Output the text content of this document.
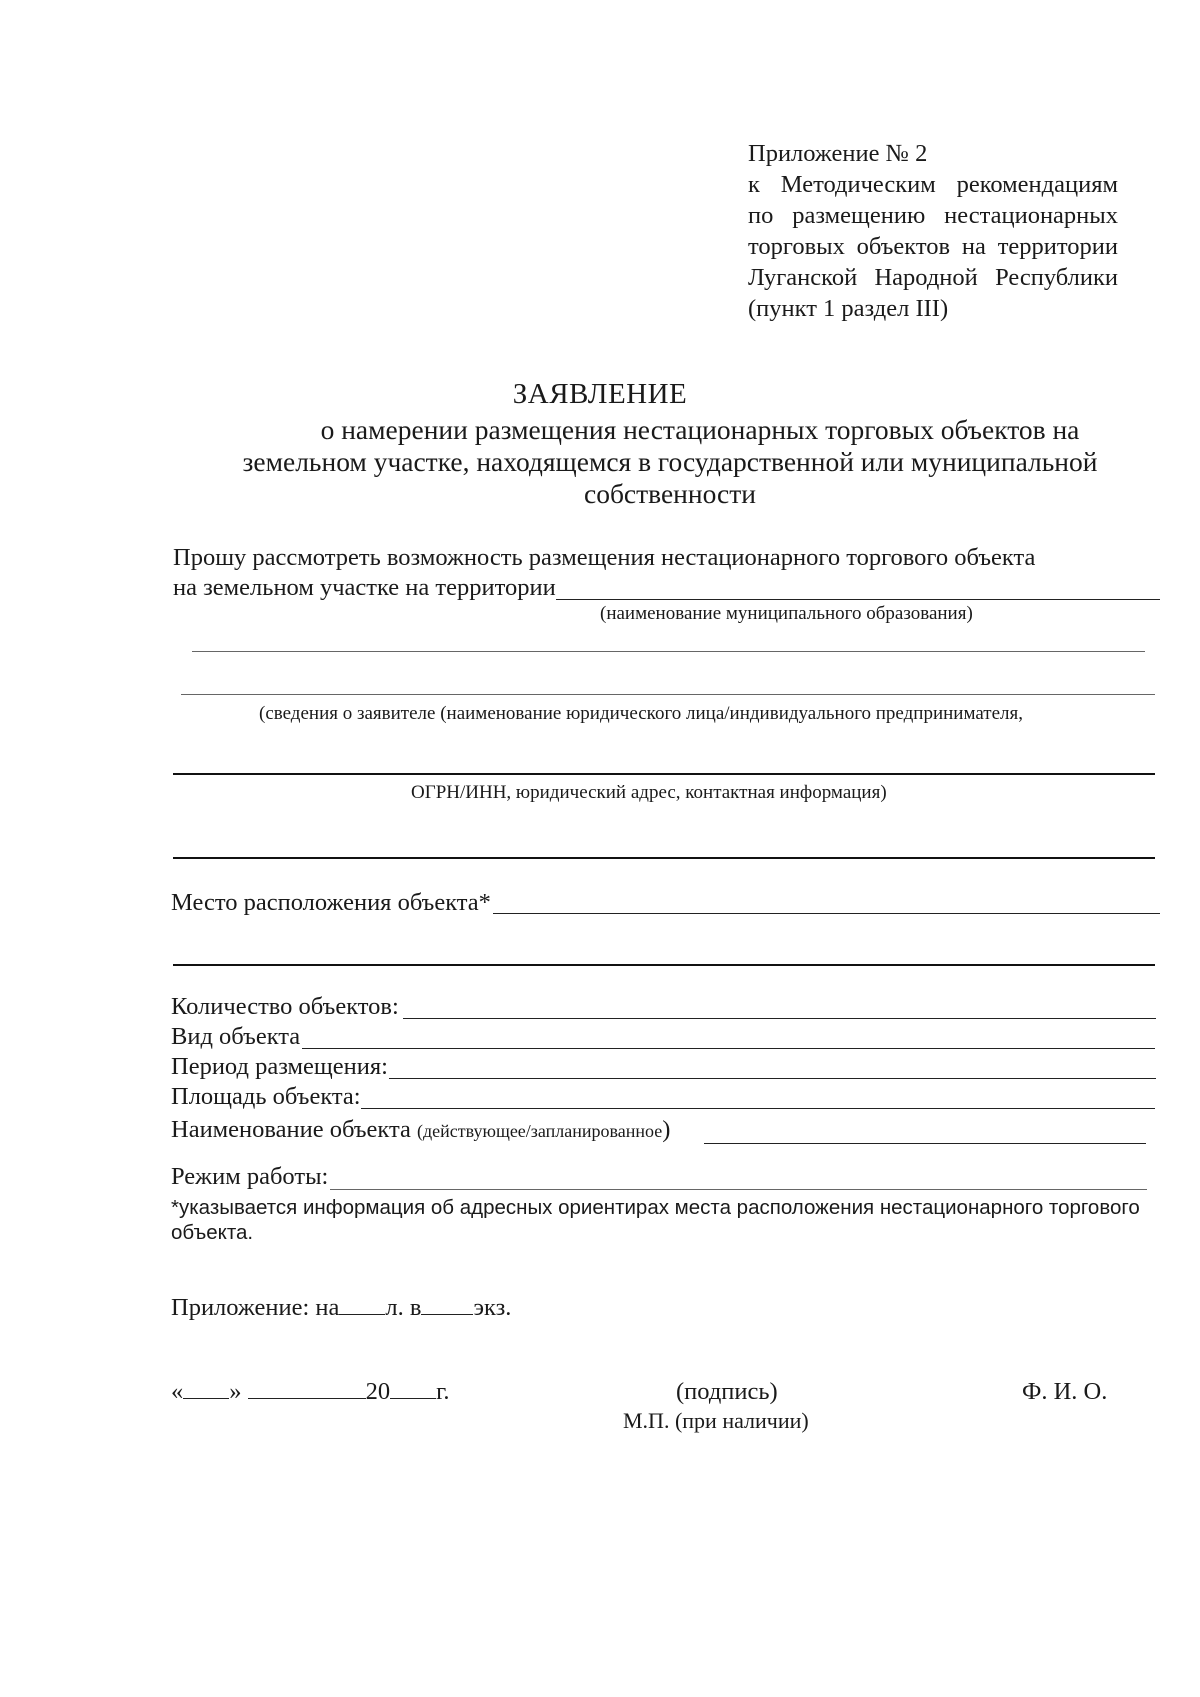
Приложение № 2
к Методическим рекомендациям
по размещению нестационарных
торговых объектов на территории
Луганской Народной Республики
(пункт 1 раздел III)
ЗАЯВЛЕНИЕ
о намерении размещения нестационарных торговых объектов на
земельном участке, находящемся в государственной или муниципальной
собственности
Прошу рассмотреть возможность размещения нестационарного торгового объекта
на земельном участке на территории
(наименование муниципального образования)
(сведения о заявителе (наименование юридического лица/индивидуального предпринимателя,
ОГРН/ИНН, юридический адрес, контактная информация)
Место расположения объекта*
Количество объектов:
Вид объекта
Период размещения:
Площадь объекта:
Наименование объекта (действующее/запланированное)
Режим работы:
*указывается информация об адресных ориентирах места расположения нестационарного торгового
объекта.
Приложение: на л. в экз.
« »	20 г.	(подпись)	Ф. И. О.
М.П. (при наличии)
